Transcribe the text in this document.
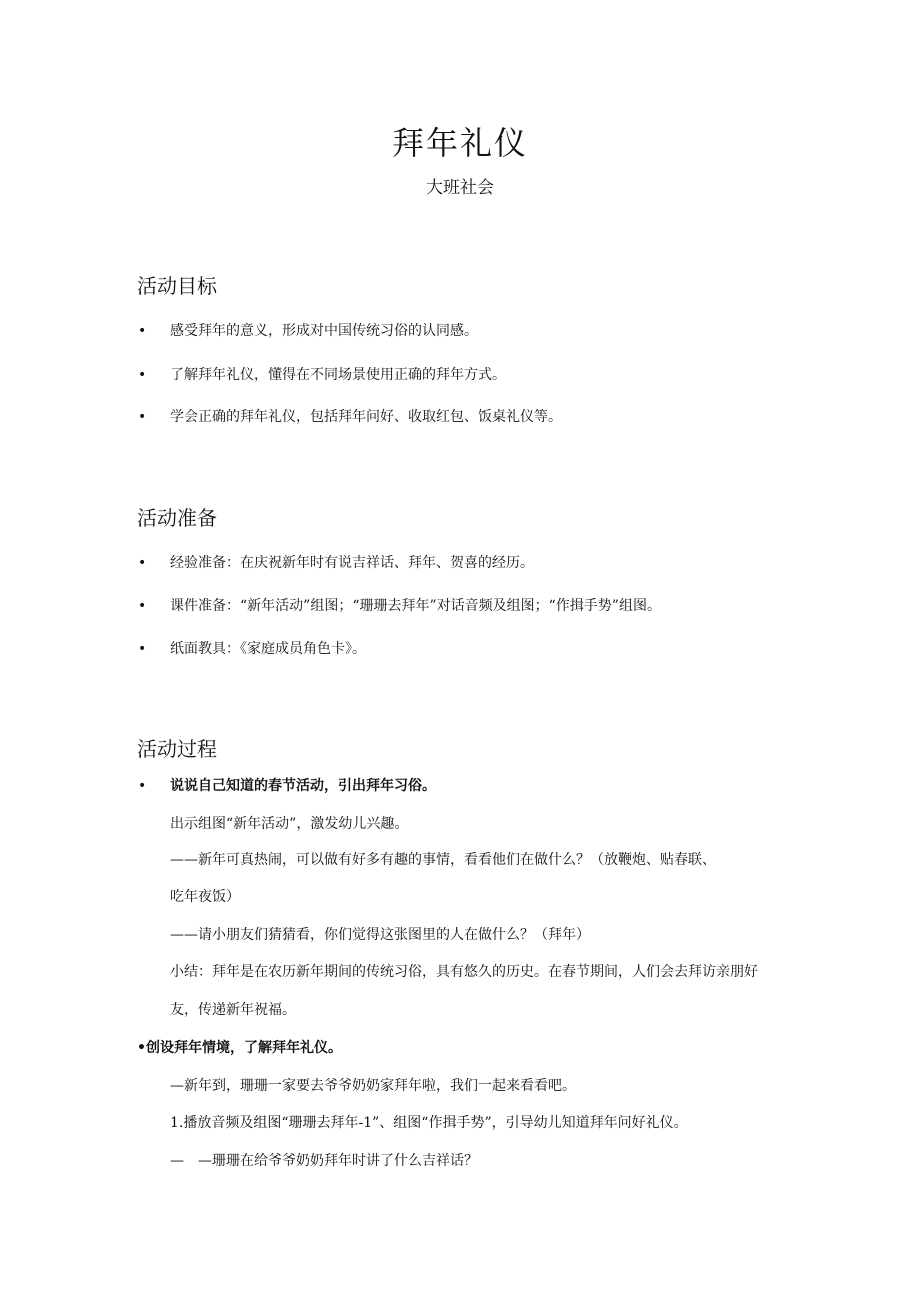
拜年礼仪

大班社会

活动目标
• 感受拜年的意义，形成对中国传统习俗的认同感。

• 了解拜年礼仪，懂得在不同场景使用正确的拜年方式。

• 学会正确的拜年礼仪，包括拜年问好、收取红包、饭桌礼仪等。

活动准备
• 经验准备：在庆祝新年时有说吉祥话、拜年、贺喜的经历。

• 课件准备：“新年活动”组图；“珊珊去拜年”对话音频及组图；“作揖手势”组图。

• 纸面教具：《家庭成员角色卡》。

活动过程
• 说说自己知道的春节活动，引出拜年习俗。

出示组图“新年活动”，激发幼儿兴趣。

——新年可真热闹，可以做有好多有趣的事情，看看他们在做什么？（放鞭炮、贴春联、

吃年夜饭）

——请小朋友们猜猜看，你们觉得这张图里的人在做什么？（拜年）

小结：拜年是在农历新年期间的传统习俗，具有悠久的历史。在春节期间，人们会去拜访亲朋好

友，传递新年祝福。

•创设拜年情境，了解拜年礼仪。

—新年到，珊珊一家要去爷爷奶奶家拜年啦，我们一起来看看吧。

1.播放音频及组图“珊珊去拜年-1”、组图“作揖手势”，引导幼儿知道拜年问好礼仪。

—　—珊珊在给爷爷奶奶拜年时讲了什么吉祥话？
